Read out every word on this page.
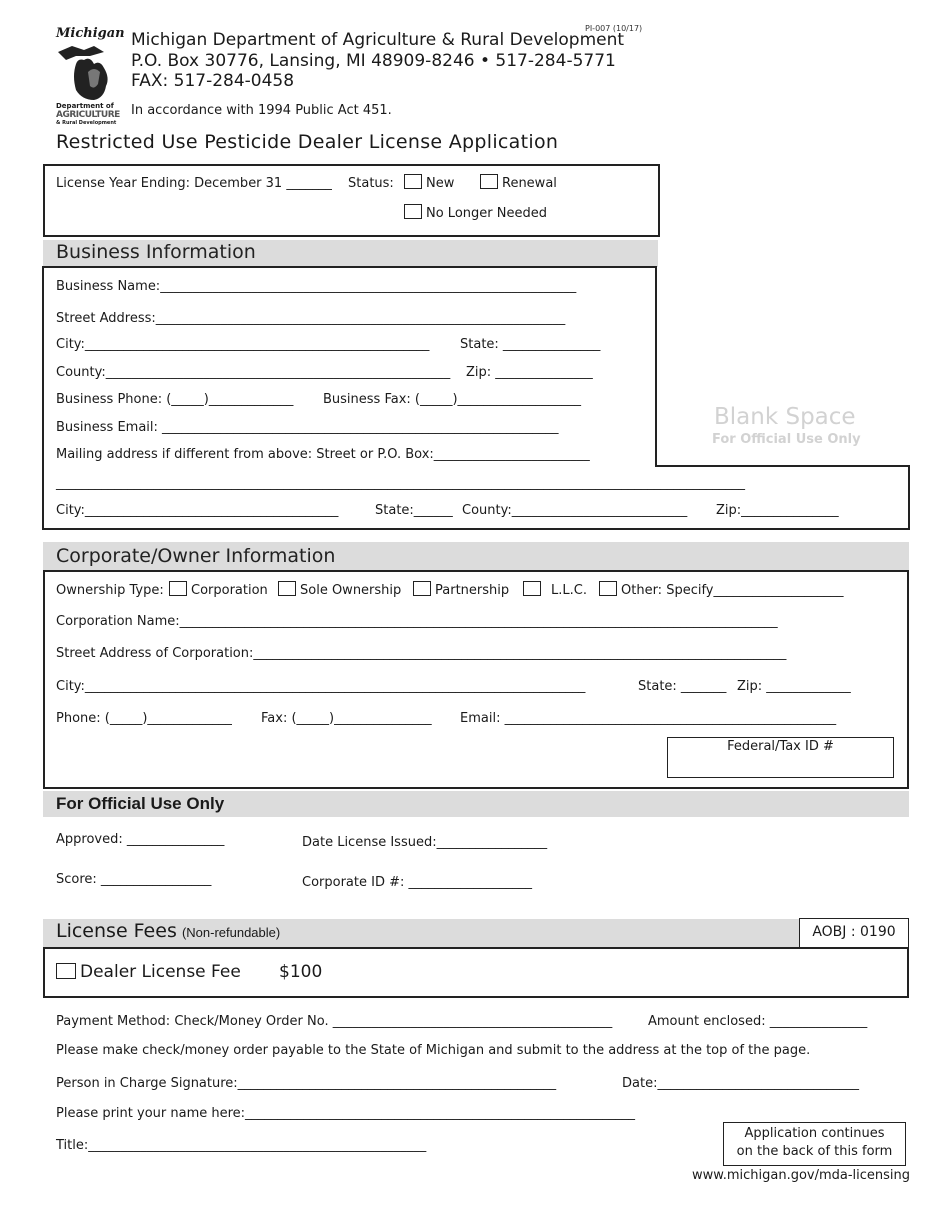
PI-007 (10/17)
Michigan
Department of
AGRICULTURE
& Rural Development
Michigan Department of Agriculture & Rural Development
P.O. Box 30776, Lansing, MI 48909-8246 • 517-284-5771
FAX: 517-284-0458
In accordance with 1994 Public Act 451.
Restricted Use Pesticide Dealer License Application
License Year Ending: December 31 _______ Status:	New	Renewal
No Longer Needed
Business Information
Business Name:________________________________________________________________
Street Address:_______________________________________________________________
City:_____________________________________________________ State: _______________
County:_____________________________________________________ Zip: _______________
Business Phone: (_____)_____________ Business Fax: (_____)___________________
Business Email: _____________________________________________________________
Mailing address if different from above: Street or P.O. Box:________________________
__________________________________________________________________________________________________________
City:_______________________________________	State:______ County:___________________________ Zip:_______________
Blank Space
For Official Use Only
Corporate/Owner Information
Ownership Type:	Corporation	Sole Ownership	Partnership	L.L.C.	Other: Specify____________________
Corporation Name:____________________________________________________________________________________________
Street Address of Corporation:__________________________________________________________________________________
City:_____________________________________________________________________________	State: _______ Zip: _____________
Phone: (_____)_____________ Fax: (_____)_______________ Email: ___________________________________________________
Federal/Tax ID #
For Official Use Only
Approved: _______________	Date License Issued:_________________
Score: _________________	Corporate ID #: ___________________
License Fees (Non-refundable)	AOBJ : 0190
Dealer License Fee $100
Payment Method: Check/Money Order No. ___________________________________________	Amount enclosed: _______________
Please make check/money order payable to the State of Michigan and submit to the address at the top of the page.
Person in Charge Signature:_________________________________________________	Date:_______________________________
Please print your name here:____________________________________________________________
Title:____________________________________________________
Application continues
on the back of this form
www.michigan.gov/mda-licensing
